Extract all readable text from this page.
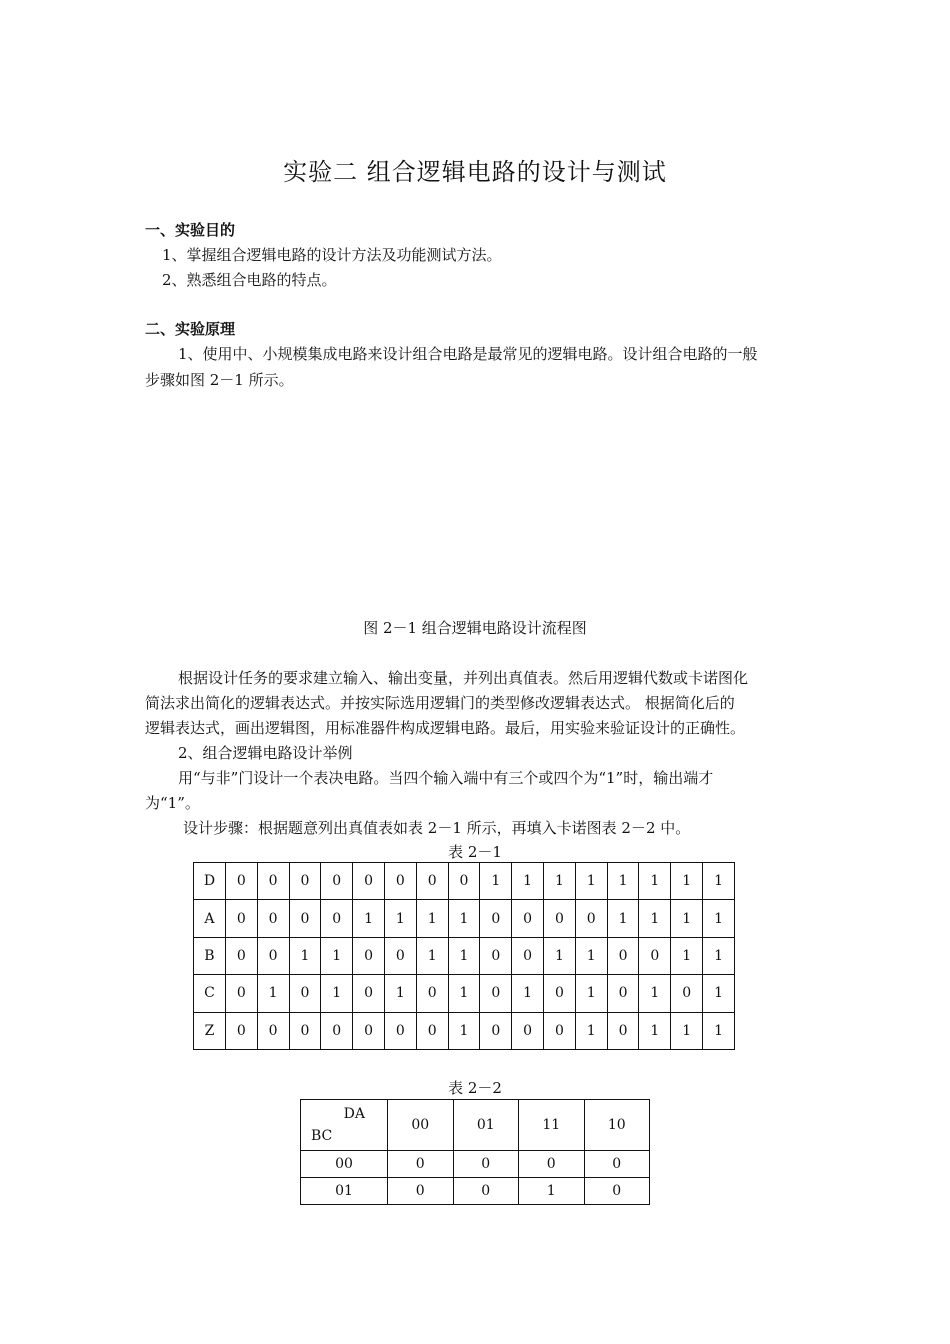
实验二 组合逻辑电路的设计与测试
一、实验目的
1、掌握组合逻辑电路的设计方法及功能测试方法。
2、熟悉组合电路的特点。
二、实验原理
1、使用中、小规模集成电路来设计组合电路是最常见的逻辑电路。设计组合电路的一般
步骤如图 2－1 所示。
图 2－1 组合逻辑电路设计流程图
根据设计任务的要求建立输入、输出变量，并列出真值表。然后用逻辑代数或卡诺图化
简法求出简化的逻辑表达式。并按实际选用逻辑门的类型修改逻辑表达式。 根据简化后的
逻辑表达式，画出逻辑图，用标准器件构成逻辑电路。最后，用实验来验证设计的正确性。
2、组合逻辑电路设计举例
用“与非”门设计一个表决电路。当四个输入端中有三个或四个为“1”时，输出端才
为“1”。
设计步骤：根据题意列出真值表如表 2－1 所示，再填入卡诺图表 2－2 中。
表 2－1
D	0	0	0	0	0	0	0	0	1	1	1	1	1	1	1	1
A	0	0	0	0	1	1	1	1	0	0	0	0	1	1	1	1
B	0	0	1	1	0	0	1	1	0	0	1	1	0	0	1	1
C	0	1	0	1	0	1	0	1	0	1	0	1	0	1	0	1
Z	0	0	0	0	0	0	0	1	0	0	0	1	0	1	1	1
表 2－2
DA
BC	00	01	11	10
00	0	0	0	0
01	0	0	1	0
